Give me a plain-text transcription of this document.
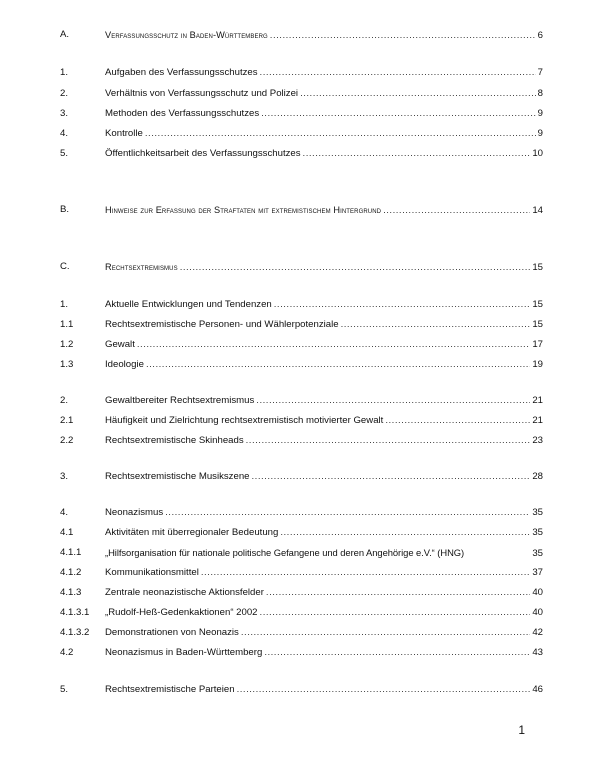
A.	Verfassungsschutz in Baden-Württemberg .....	6
1.	Aufgaben des Verfassungsschutzes .....	7
2.	Verhältnis von Verfassungsschutz und Polizei .....	8
3.	Methoden des Verfassungsschutzes .....	9
4.	Kontrolle .....	9
5.	Öffentlichkeitsarbeit des Verfassungsschutzes .....	10
B.	Hinweise zur Erfassung der Straftaten mit extremistischem Hintergrund .....	14
C.	Rechtsextremismus .....	15
1.	Aktuelle Entwicklungen und Tendenzen .....	15
1.1	Rechtsextremistische Personen- und Wählerpotenziale .....	15
1.2	Gewalt .....	17
1.3	Ideologie .....	19
2.	Gewaltbereiter Rechtsextremismus .....	21
2.1	Häufigkeit und Zielrichtung rechtsextremistisch motivierter Gewalt .....	21
2.2	Rechtsextremistische Skinheads .....	23
3.	Rechtsextremistische Musikszene .....	28
4.	Neonazismus .....	35
4.1	Aktivitäten mit überregionaler Bedeutung .....	35
4.1.1	„Hilfsorganisation für nationale politische Gefangene und deren Angehörige e.V.“ (HNG)	35
4.1.2 Kommunikationsmittel .....	37
4.1.3 Zentrale neonazistische Aktionsfelder .....	40
4.1.3.1 „Rudolf-Heß-Gedenkaktionen“ 2002 .....	40
4.1.3.2 Demonstrationen von Neonazis .....	42
4.2	Neonazismus in Baden-Württemberg .....	43
5.	Rechtsextremistische Parteien .....	46
1
